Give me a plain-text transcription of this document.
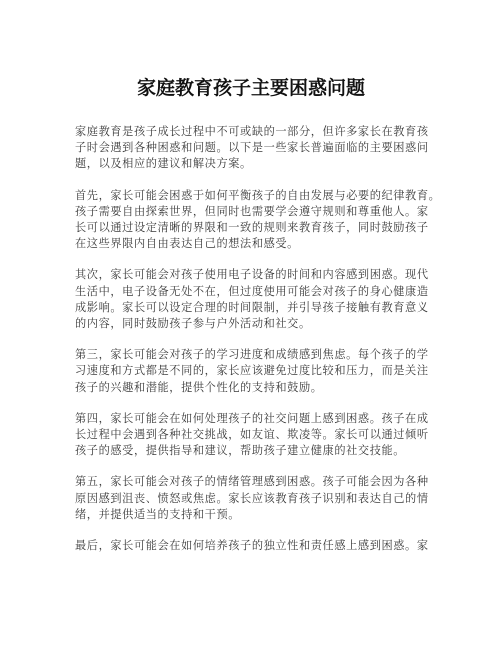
家庭教育孩子主要困惑问题
家庭教育是孩子成长过程中不可或缺的一部分，但许多家长在教育孩
子时会遇到各种困惑和问题。以下是一些家长普遍面临的主要困惑问
题，以及相应的建议和解决方案。
首先，家长可能会困惑于如何平衡孩子的自由发展与必要的纪律教育。
孩子需要自由探索世界，但同时也需要学会遵守规则和尊重他人。家
长可以通过设定清晰的界限和一致的规则来教育孩子，同时鼓励孩子
在这些界限内自由表达自己的想法和感受。
其次，家长可能会对孩子使用电子设备的时间和内容感到困惑。现代
生活中，电子设备无处不在，但过度使用可能会对孩子的身心健康造
成影响。家长可以设定合理的时间限制，并引导孩子接触有教育意义
的内容，同时鼓励孩子参与户外活动和社交。
第三，家长可能会对孩子的学习进度和成绩感到焦虑。每个孩子的学
习速度和方式都是不同的，家长应该避免过度比较和压力，而是关注
孩子的兴趣和潜能，提供个性化的支持和鼓励。
第四，家长可能会在如何处理孩子的社交问题上感到困惑。孩子在成
长过程中会遇到各种社交挑战，如友谊、欺凌等。家长可以通过倾听
孩子的感受，提供指导和建议，帮助孩子建立健康的社交技能。
第五，家长可能会对孩子的情绪管理感到困惑。孩子可能会因为各种
原因感到沮丧、愤怒或焦虑。家长应该教育孩子识别和表达自己的情
绪，并提供适当的支持和干预。
最后，家长可能会在如何培养孩子的独立性和责任感上感到困惑。家
